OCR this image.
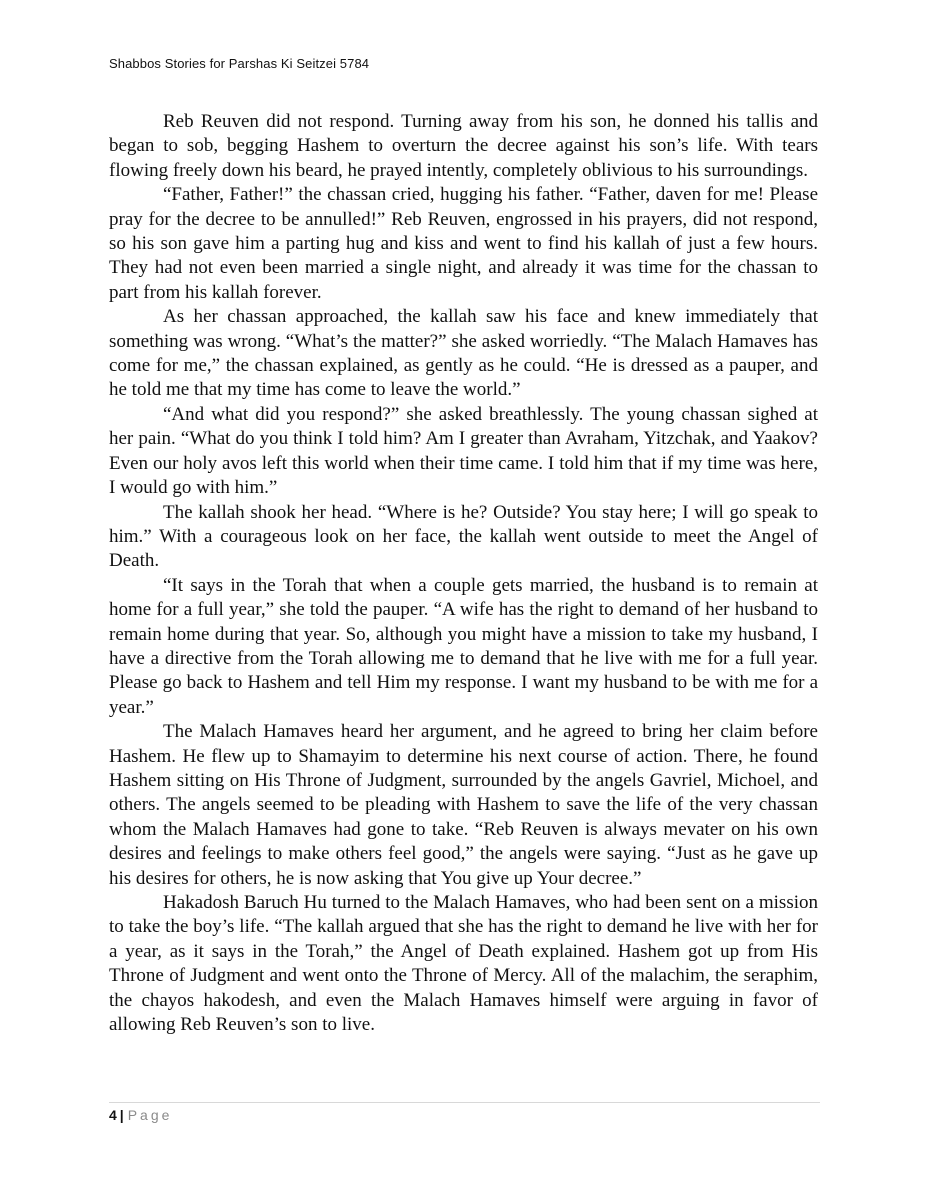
Shabbos Stories for Parshas Ki Seitzei 5784

Reb Reuven did not respond. Turning away from his son, he donned his tallis and began to sob, begging Hashem to overturn the decree against his son’s life. With tears flowing freely down his beard, he prayed intently, completely oblivious to his surroundings.

“Father, Father!” the chassan cried, hugging his father. “Father, daven for me! Please pray for the decree to be annulled!” Reb Reuven, engrossed in his prayers, did not respond, so his son gave him a parting hug and kiss and went to find his kallah of just a few hours. They had not even been married a single night, and already it was time for the chassan to part from his kallah forever.

As her chassan approached, the kallah saw his face and knew immediately that something was wrong. “What’s the matter?” she asked worriedly. “The Malach Hamaves has come for me,” the chassan explained, as gently as he could. “He is dressed as a pauper, and he told me that my time has come to leave the world.”

“And what did you respond?” she asked breathlessly. The young chassan sighed at her pain. “What do you think I told him? Am I greater than Avraham, Yitzchak, and Yaakov? Even our holy avos left this world when their time came. I told him that if my time was here, I would go with him.”

The kallah shook her head. “Where is he? Outside? You stay here; I will go speak to him.” With a courageous look on her face, the kallah went outside to meet the Angel of Death.

“It says in the Torah that when a couple gets married, the husband is to remain at home for a full year,” she told the pauper. “A wife has the right to demand of her husband to remain home during that year. So, although you might have a mission to take my husband, I have a directive from the Torah allowing me to demand that he live with me for a full year. Please go back to Hashem and tell Him my response. I want my husband to be with me for a year.”

The Malach Hamaves heard her argument, and he agreed to bring her claim before Hashem. He flew up to Shamayim to determine his next course of action. There, he found Hashem sitting on His Throne of Judgment, surrounded by the angels Gavriel, Michoel, and others. The angels seemed to be pleading with Hashem to save the life of the very chassan whom the Malach Hamaves had gone to take. “Reb Reuven is always mevater on his own desires and feelings to make others feel good,” the angels were saying. “Just as he gave up his desires for others, he is now asking that You give up Your decree.”

Hakadosh Baruch Hu turned to the Malach Hamaves, who had been sent on a mission to take the boy’s life. “The kallah argued that she has the right to demand he live with her for a year, as it says in the Torah,” the Angel of Death explained. Hashem got up from His Throne of Judgment and went onto the Throne of Mercy. All of the malachim, the seraphim, the chayos hakodesh, and even the Malach Hamaves himself were arguing in favor of allowing Reb Reuven’s son to live.

4 | Page
